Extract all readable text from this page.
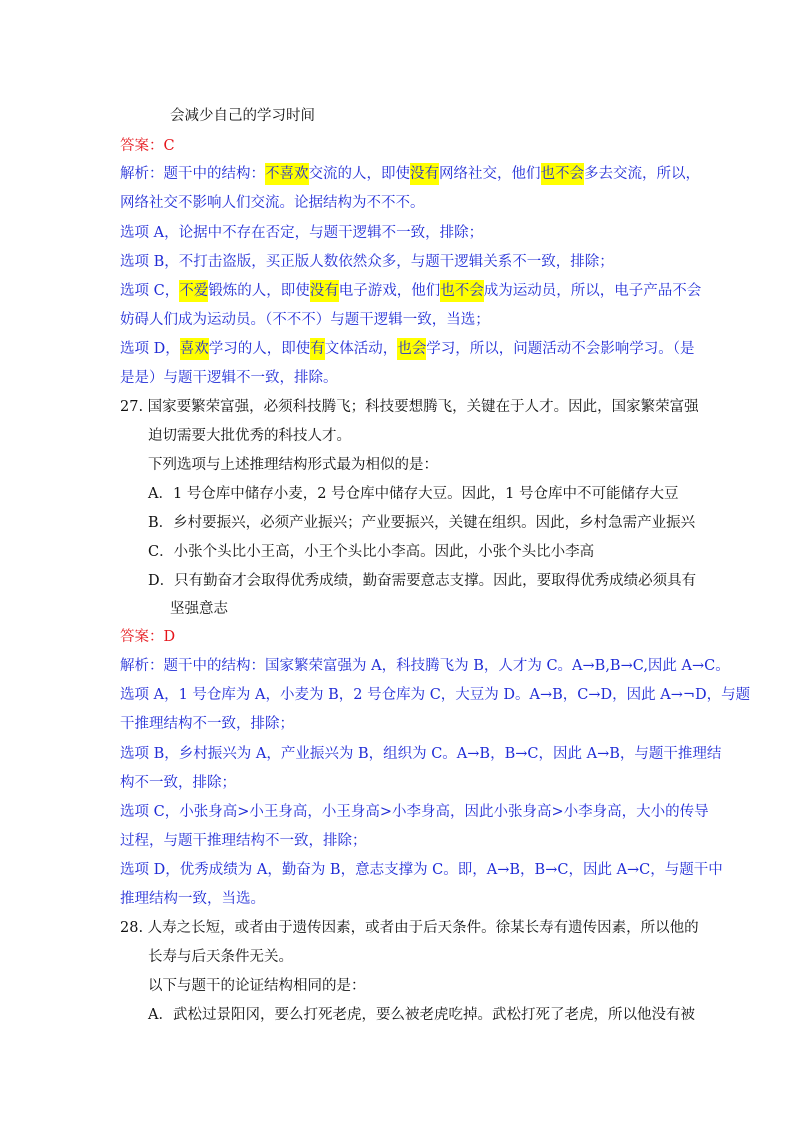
会减少自己的学习时间
答案：C
解析：题干中的结构：不喜欢交流的人，即使没有网络社交，他们也不会多去交流，所以，
网络社交不影响人们交流。论据结构为不不不。
选项 A，论据中不存在否定，与题干逻辑不一致，排除；
选项 B，不打击盗版，买正版人数依然众多，与题干逻辑关系不一致，排除；
选项 C，不爱锻炼的人，即使没有电子游戏，他们也不会成为运动员，所以，电子产品不会
妨碍人们成为运动员。（不不不）与题干逻辑一致，当选；
选项 D，喜欢学习的人，即使有文体活动，也会学习，所以，问题活动不会影响学习。（是
是是）与题干逻辑不一致，排除。
27. 国家要繁荣富强，必须科技腾飞；科技要想腾飞，关键在于人才。因此，国家繁荣富强
迫切需要大批优秀的科技人才。
下列选项与上述推理结构形式最为相似的是：
A．1 号仓库中储存小麦，2 号仓库中储存大豆。因此，1 号仓库中不可能储存大豆
B．乡村要振兴，必须产业振兴；产业要振兴，关键在组织。因此，乡村急需产业振兴
C．小张个头比小王高，小王个头比小李高。因此，小张个头比小李高
D．只有勤奋才会取得优秀成绩，勤奋需要意志支撑。因此，要取得优秀成绩必须具有
坚强意志
答案：D
解析：题干中的结构：国家繁荣富强为 A，科技腾飞为 B，人才为 C。A→B,B→C,因此 A→C。
选项 A，1 号仓库为 A，小麦为 B，2 号仓库为 C，大豆为 D。A→B，C→D，因此 A→¬D，与题
干推理结构不一致，排除；
选项 B，乡村振兴为 A，产业振兴为 B，组织为 C。A→B，B→C，因此 A→B，与题干推理结
构不一致，排除；
选项 C，小张身高>小王身高，小王身高>小李身高，因此小张身高>小李身高，大小的传导
过程，与题干推理结构不一致，排除；
选项 D，优秀成绩为 A，勤奋为 B，意志支撑为 C。即，A→B，B→C，因此 A→C，与题干中
推理结构一致，当选。
28. 人寿之长短，或者由于遗传因素，或者由于后天条件。徐某长寿有遗传因素，所以他的
长寿与后天条件无关。
以下与题干的论证结构相同的是：
A．武松过景阳冈，要么打死老虎，要么被老虎吃掉。武松打死了老虎，所以他没有被
